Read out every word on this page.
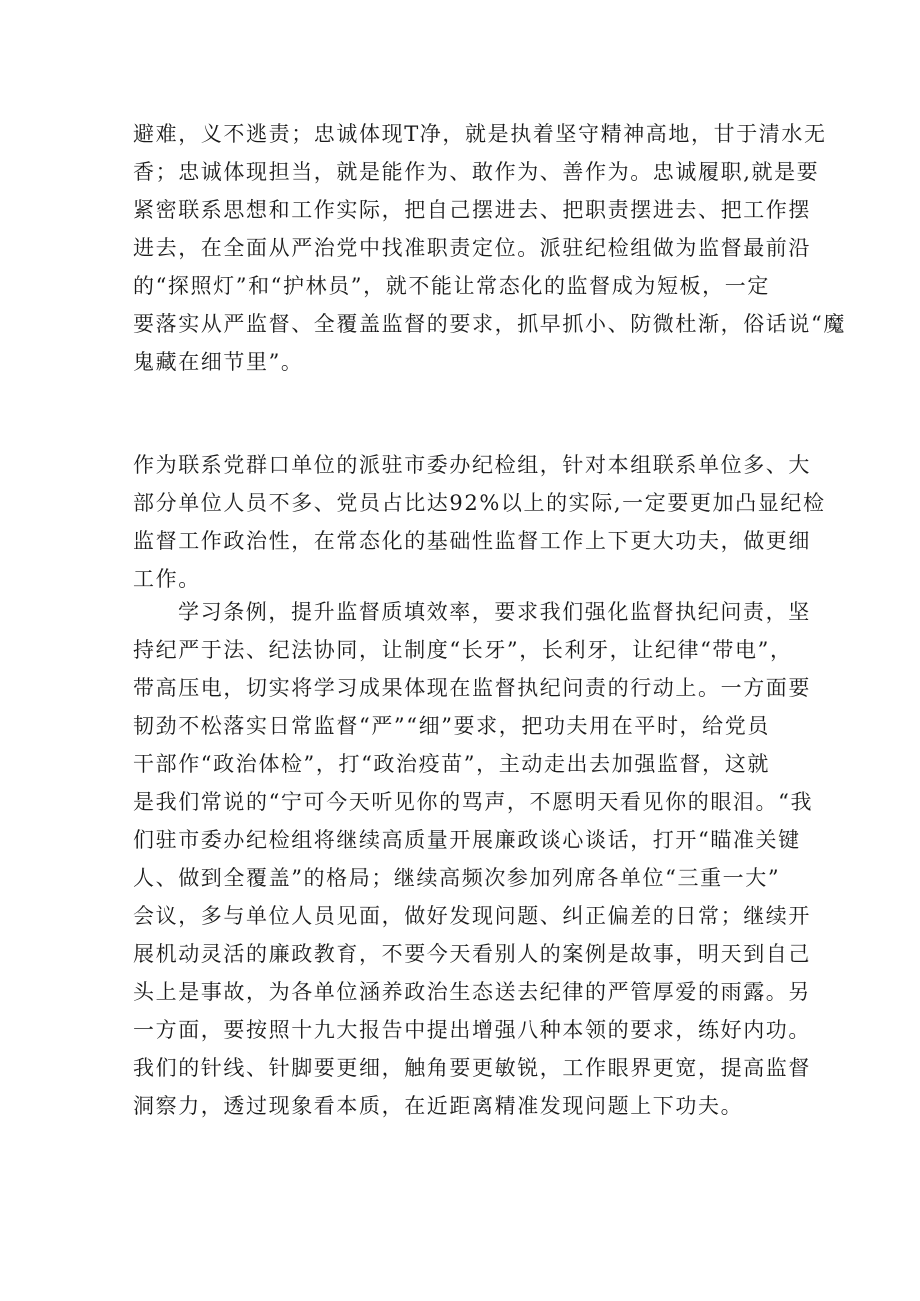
避难，义不逃责；忠诚体现T净，就是执着坚守精神高地，甘于清水无
香；忠诚体现担当，就是能作为、敢作为、善作为。忠诚履职,就是要
紧密联系思想和工作实际，把自己摆进去、把职责摆进去、把工作摆
进去，在全面从严治党中找准职责定位。派驻纪检组做为监督最前沿
的“探照灯”和“护林员”，就不能让常态化的监督成为短板，一定
要落实从严监督、全覆盖监督的要求，抓早抓小、防微杜渐，俗话说“魔
鬼藏在细节里”。
作为联系党群口单位的派驻市委办纪检组，针对本组联系单位多、大
部分单位人员不多、党员占比达92%以上的实际,一定要更加凸显纪检
监督工作政治性，在常态化的基础性监督工作上下更大功夫，做更细
工作。
学习条例，提升监督质填效率，要求我们强化监督执纪问责，坚
持纪严于法、纪法协同，让制度“长牙”，长利牙，让纪律“带电”，
带高压电，切实将学习成果体现在监督执纪问责的行动上。一方面要
韧劲不松落实日常监督“严”“细”要求，把功夫用在平时，给党员
干部作“政治体检”，打“政治疫苗”，主动走出去加强监督，这就
是我们常说的“宁可今天听见你的骂声，不愿明天看见你的眼泪。“我
们驻市委办纪检组将继续高质量开展廉政谈心谈话，打开“瞄准关键
人、做到全覆盖”的格局；继续高频次参加列席各单位“三重一大”
会议，多与单位人员见面，做好发现问题、纠正偏差的日常；继续开
展机动灵活的廉政教育，不要今天看别人的案例是故事，明天到自己
头上是事故，为各单位涵养政治生态送去纪律的严管厚爱的雨露。另
一方面，要按照十九大报告中提出增强八种本领的要求，练好内功。
我们的针线、针脚要更细，触角要更敏锐，工作眼界更宽，提高监督
洞察力，透过现象看本质，在近距离精准发现问题上下功夫。
